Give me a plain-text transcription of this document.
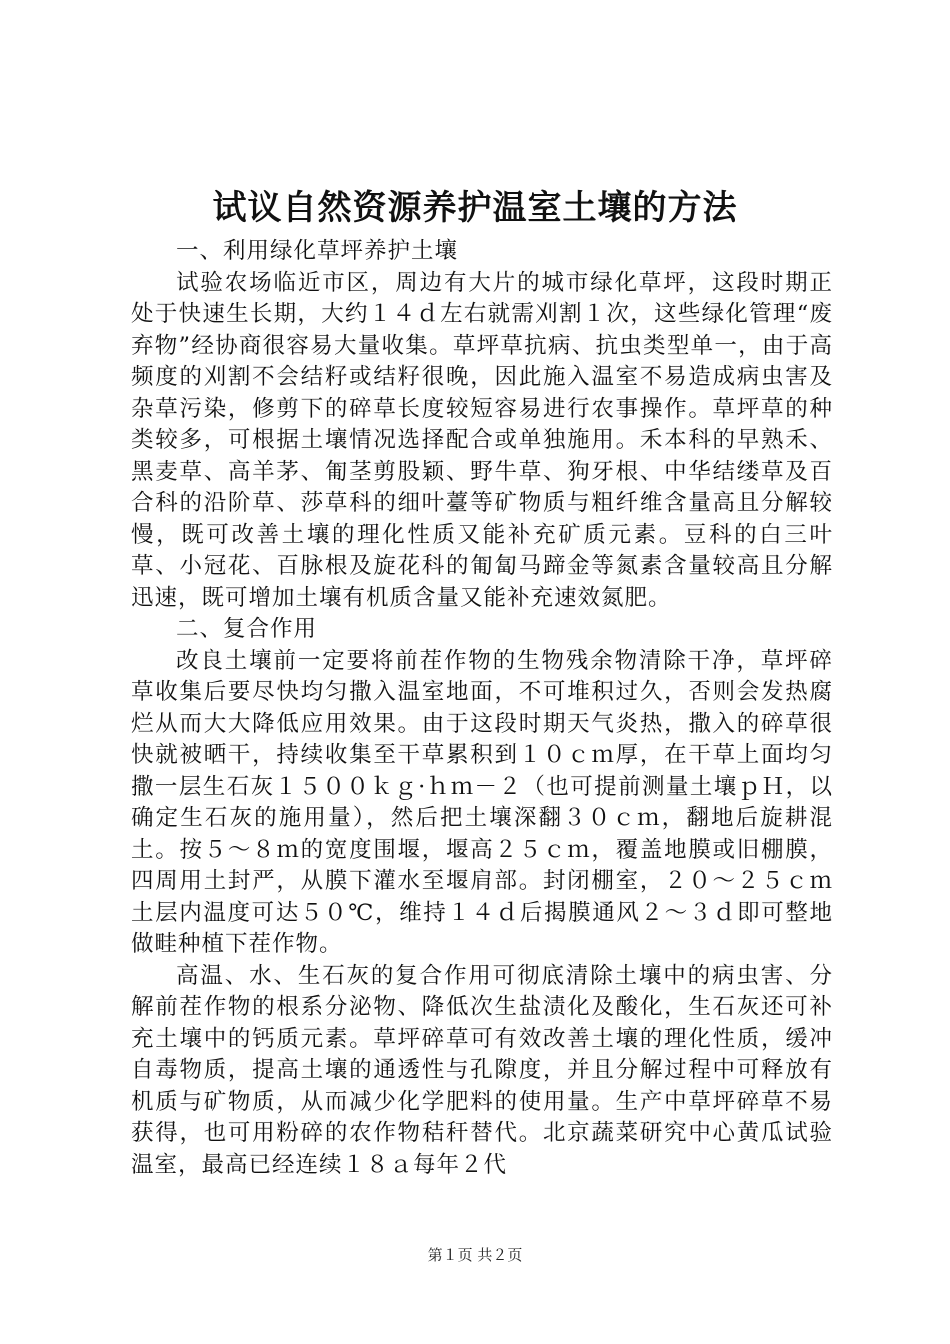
试议自然资源养护温室土壤的方法

一、利用绿化草坪养护土壤

试验农场临近市区，周边有大片的城市绿化草坪，这段时期正处于快速生长期，大约１４ｄ左右就需刈割１次，这些绿化管理“废弃物”经协商很容易大量收集。草坪草抗病、抗虫类型单一，由于高频度的刈割不会结籽或结籽很晚，因此施入温室不易造成病虫害及杂草污染，修剪下的碎草长度较短容易进行农事操作。草坪草的种类较多，可根据土壤情况选择配合或单独施用。禾本科的早熟禾、黑麦草、高羊茅、匍茎剪股颖、野牛草、狗牙根、中华结缕草及百合科的沿阶草、莎草科的细叶薹等矿物质与粗纤维含量高且分解较慢，既可改善土壤的理化性质又能补充矿质元素。豆科的白三叶草、小冠花、百脉根及旋花科的匍匐马蹄金等氮素含量较高且分解迅速，既可增加土壤有机质含量又能补充速效氮肥。

二、复合作用

改良土壤前一定要将前茬作物的生物残余物清除干净，草坪碎草收集后要尽快均匀撒入温室地面，不可堆积过久，否则会发热腐烂从而大大降低应用效果。由于这段时期天气炎热，撒入的碎草很快就被晒干，持续收集至干草累积到１０ｃｍ厚，在干草上面均匀撒一层生石灰１５００ｋｇ·ｈｍ－２（也可提前测量土壤ｐＨ，以确定生石灰的施用量），然后把土壤深翻３０ｃｍ，翻地后旋耕混土。按５～８ｍ的宽度围堰，堰高２５ｃｍ，覆盖地膜或旧棚膜，四周用土封严，从膜下灌水至堰肩部。封闭棚室，２０～２５ｃｍ土层内温度可达５０℃，维持１４ｄ后揭膜通风２～３ｄ即可整地做畦种植下茬作物。

高温、水、生石灰的复合作用可彻底清除土壤中的病虫害、分解前茬作物的根系分泌物、降低次生盐渍化及酸化，生石灰还可补充土壤中的钙质元素。草坪碎草可有效改善土壤的理化性质，缓冲自毒物质，提高土壤的通透性与孔隙度，并且分解过程中可释放有机质与矿物质，从而减少化学肥料的使用量。生产中草坪碎草不易获得，也可用粉碎的农作物秸秆替代。北京蔬菜研究中心黄瓜试验温室，最高已经连续１８ａ每年２代

第１页 共２页
